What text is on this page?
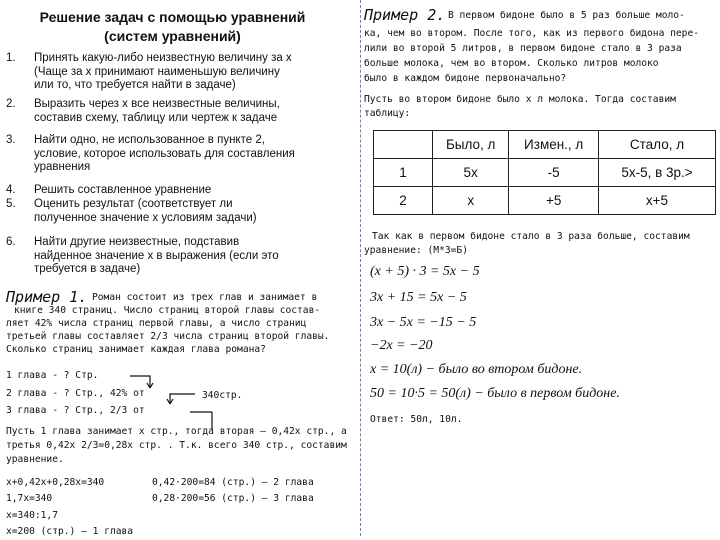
Решение задач с помощью уравнений
(систем уравнений)
1. Принять какую-либо неизвестную величину за х
(Чаще за х принимают наименьшую величину
или то, что требуется найти в задаче)
2. Выразить через х все неизвестные величины,
составив схему, таблицу или чертеж к задаче
3. Найти одно, не использованное в пункте 2,
условие, которое использовать для составления
уравнения
4. Решить составленное уравнение
5. Оценить результат (соответствует ли
полученное значение х условиям задачи)
6. Найти другие неизвестные, подставив
найденное значение х в выражения (если это
требуется в задаче)
Пример 1. Роман состоит из трех глав и занимает в
книге 340 страниц. Число страниц второй главы состав-
ляет 42% числа страниц первой главы, а число страниц
третьей главы составляет 2/3 числа страниц второй главы.
Сколько страниц занимает каждая глава романа?
1 глава - ? Стр.
2 глава - ? Стр., 42% от
3 глава - ? Стр., 2/3 от
340стр.
Пусть 1 глава занимает х стр., тогда вторая – 0,42х стр., а
третья 0,42х 2/3=0,28х стр. . Т.к. всего 340 стр., составим
уравнение.
х+0,42х+0,28х=340
1,7х=340
х=340:1,7
х=200 (стр.) – 1 глава
0,42·200=84 (стр.) – 2 глава
0,28·200=56 (стр.) – 3 глава
Пример 2. В первом бидоне было в 5 раз больше моло-
ка, чем во втором. После того, как из первого бидона пере-
лили во второй 5 литров, в первом бидоне стало в 3 раза
больше молока, чем во втором. Сколько литров молоко
было в каждом бидоне первоначально?
Пусть во втором бидоне было х л молока. Тогда составим
таблицу:
	Было, л	Измен., л	Стало, л
1	5x	-5	5x-5, в 3р.>
2	x	+5	x+5
Так как в первом бидоне стало в 3 раза больше, составим
уравнение: (М*3=Б)
(x + 5) · 3 = 5x − 5
3x + 15 = 5x − 5
3x − 5x = −15 − 5
−2x = −20
x = 10(л) − было во втором бидоне.
50 = 10·5 = 50(л) − было в первом бидоне.
Ответ: 50л, 10л.
